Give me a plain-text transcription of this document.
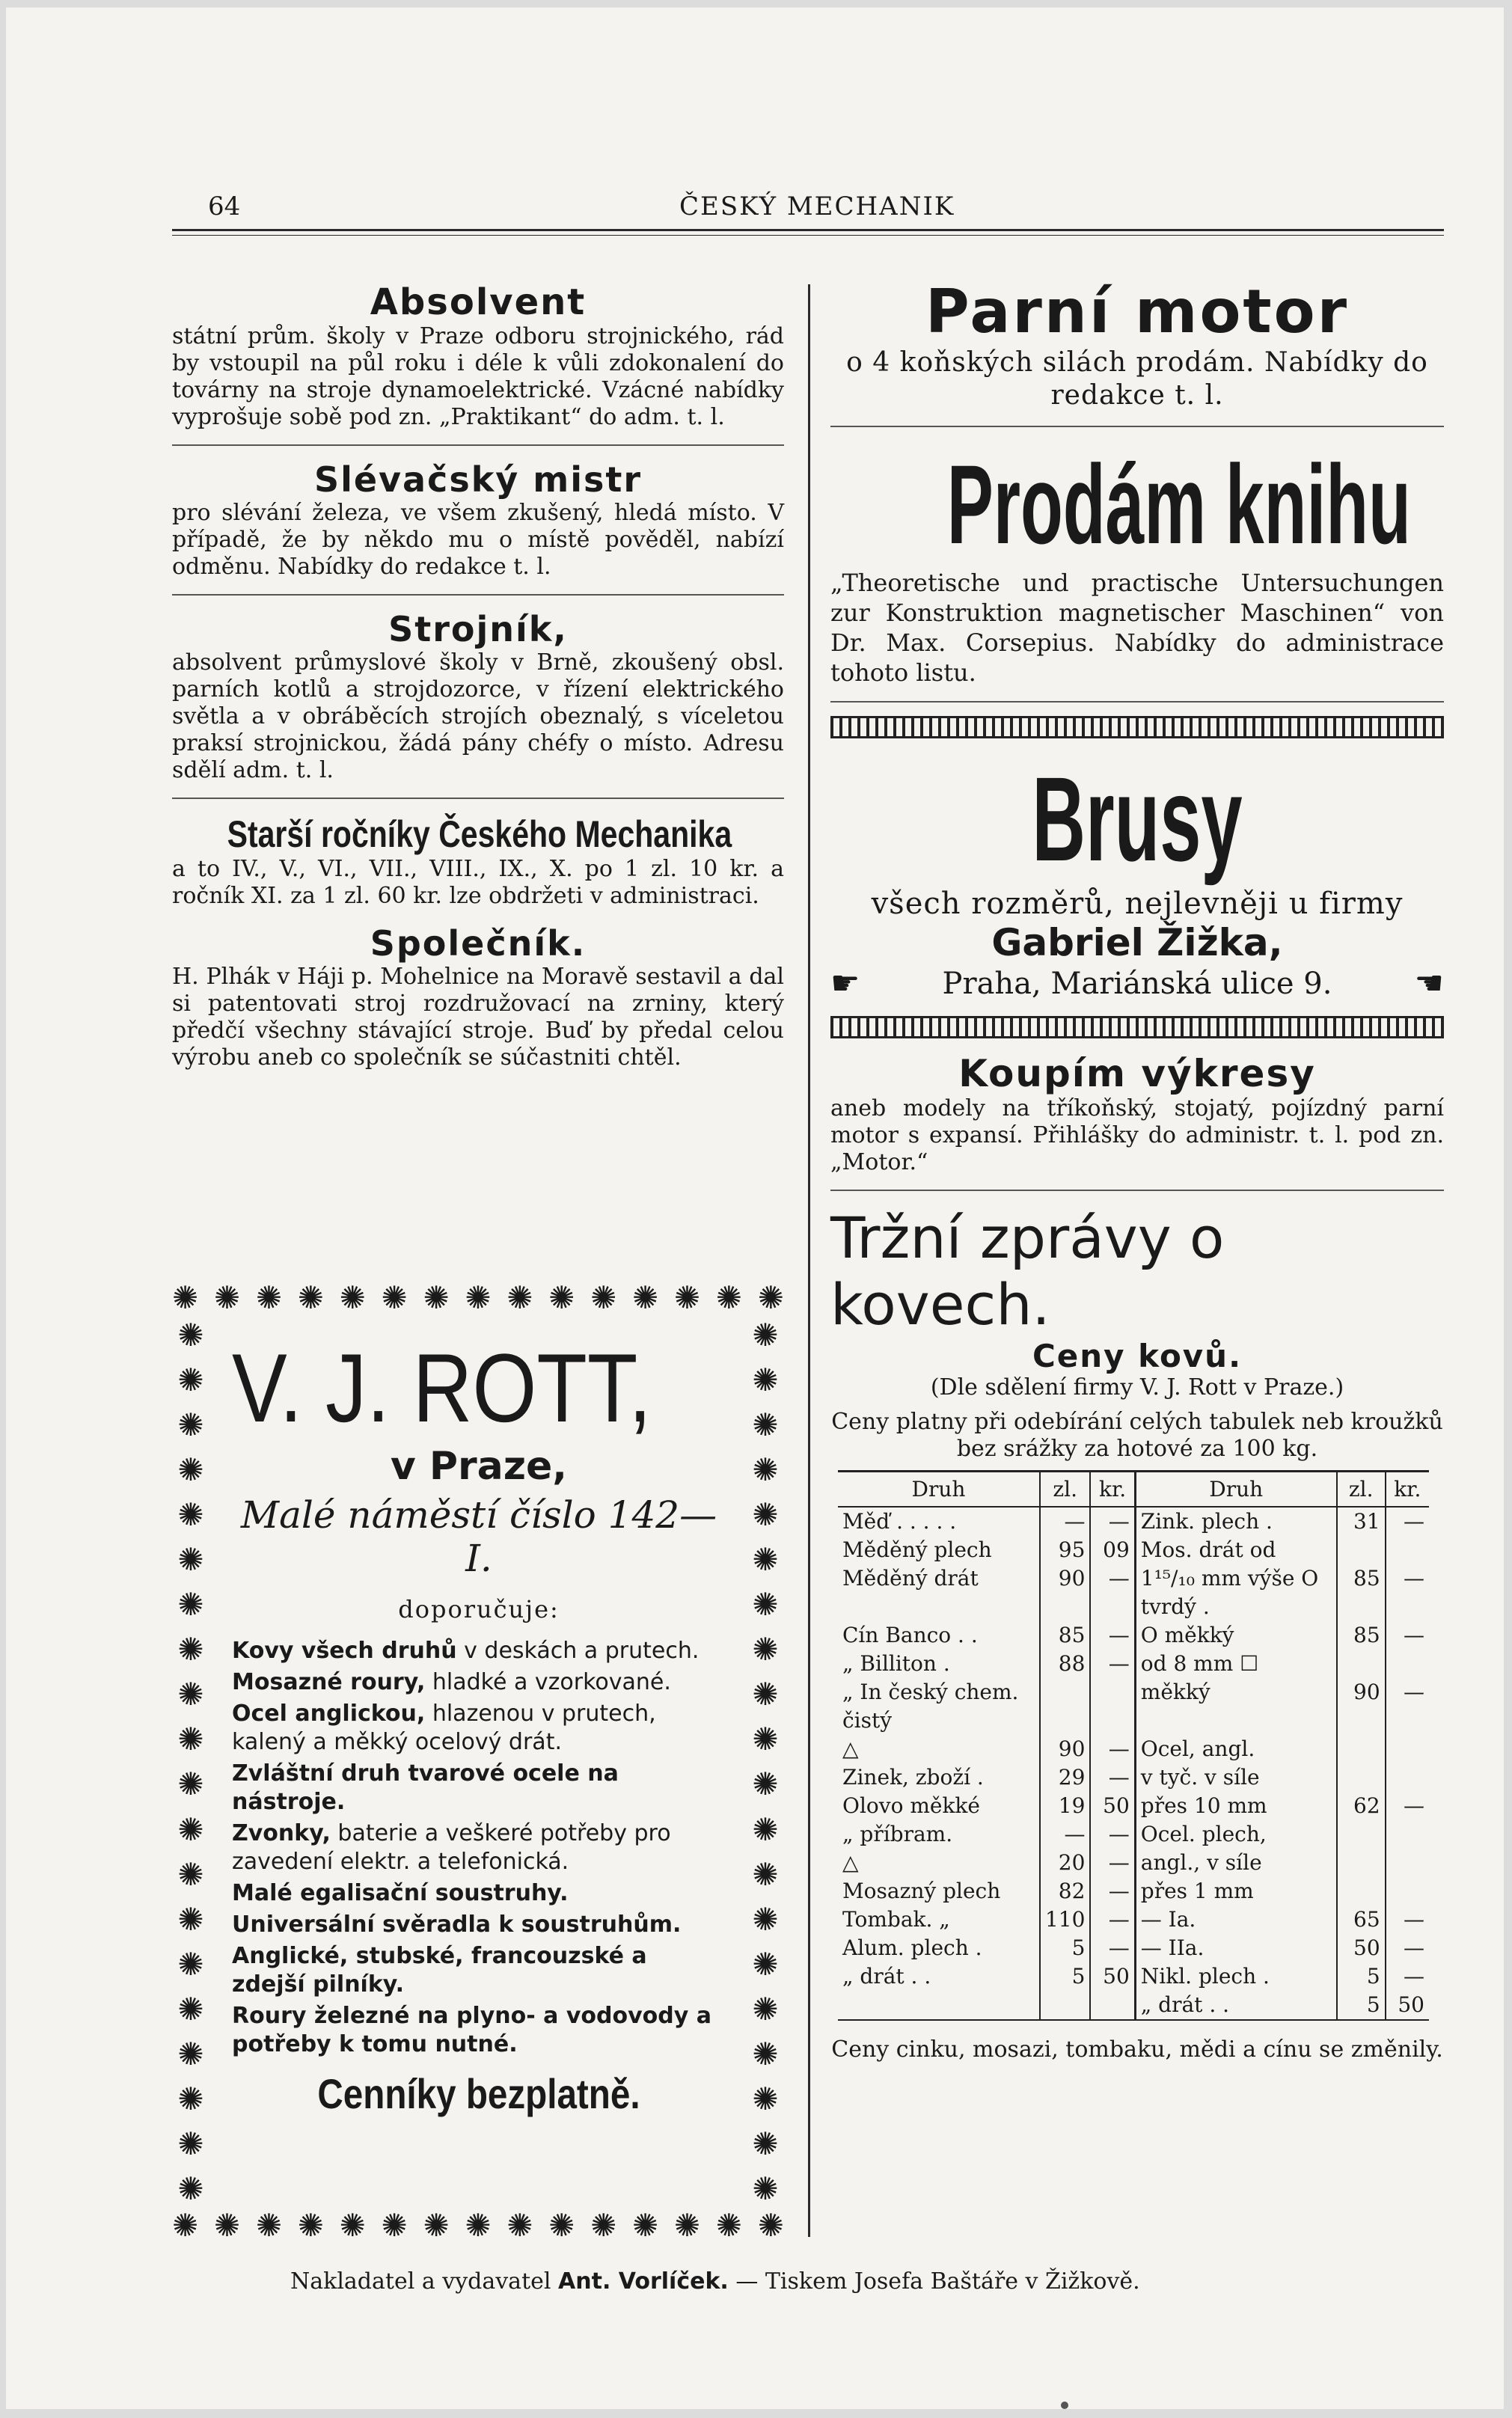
64	ČESKÝ MECHANIK
Absolvent
státní prům. školy v Praze odboru strojnického, rád by vstoupil na půl roku i déle k vůli zdokonalení do továrny na stroje dynamoelektrické. Vzácné nabídky vyprošuje sobě pod zn. „Praktikant“ do adm. t. l.
Slévačský mistr
pro slévání železa, ve všem zkušený, hledá místo. V případě, že by někdo mu o místě pověděl, nabízí odměnu. Nabídky do redakce t. l.
Strojník,
absolvent průmyslové školy v Brně, zkoušený obsl. parních kotlů a strojdozorce, v řízení elektrického světla a v obráběcích strojích obeznalý, s víceletou praksí strojnickou, žádá pány chéfy o místo. Adresu sdělí adm. t. l.
Starší ročníky Českého Mechanika
a to IV., V., VI., VII., VIII., IX., X. po 1 zl. 10 kr. a ročník XI. za 1 zl. 60 kr. lze obdržeti v administraci.
Společník.
H. Plhák v Háji p. Mohelnice na Moravě sestavil a dal si patentovati stroj rozdružovací na zrniny, který předčí všechny stávající stroje. Buď by předal celou výrobu aneb co společník se súčastniti chtěl.
✺ ✺ ✺ ✺ ✺ ✺ ✺ ✺ ✺ ✺ ✺ ✺ ✺ ✺ ✺
✺ ✺ ✺ ✺ ✺ ✺ ✺ ✺ ✺ ✺ ✺ ✺ ✺ ✺ ✺
✺
✺
✺
✺
✺
✺
✺
✺
✺
✺
✺
✺
✺
✺
✺
✺
✺
✺
✺
✺
✺
✺
✺
✺
✺
✺
✺
✺
✺
✺
✺
✺
✺
✺
✺
✺
✺
✺
✺
✺
V. J. ROTT,
v Praze,
Malé náměstí číslo 142—I.
doporučuje:
Kovy všech druhů v deskách a prutech.
Mosazné roury, hladké a vzorkované.
Ocel anglickou, hlazenou v prutech, kalený a měkký ocelový drát.
Zvláštní druh tvarové ocele na nástroje.
Zvonky, baterie a veškeré potřeby pro zavedení elektr. a telefonická.
Malé egalisační soustruhy.
Universální svěradla k soustruhům.
Anglické, stubské, francouzské a zdejší pilníky.
Roury železné na plyno- a vodovody a potřeby k tomu nutné.
Cenníky bezplatně.
Parní motor
o 4 koňských silách prodám. Nabídky do redakce t. l.
Prodám knihu
„Theoretische und practische Untersuchungen zur Konstruktion magnetischer Maschinen“ von Dr. Max. Corsepius. Nabídky do administrace tohoto listu.
Brusy
všech rozměrů, nejlevněji u firmy
Gabriel Žižka,
☛	Praha, Mariánská ulice 9.	☚
Koupím výkresy
aneb modely na tříkoňský, stojatý, pojízdný parní motor s expansí. Přihlášky do administr. t. l. pod zn. „Motor.“
Tržní zprávy o kovech.
Ceny kovů.
(Dle sdělení firmy V. J. Rott v Praze.)
Ceny platny při odebírání celých tabulek neb kroužků bez srážky za hotové za 100 kg.
Druh	zl.	kr.	Druh	zl.	kr.
Měď . . . . .	—	—	Zink. plech .	31	—
Měděný plech	95	09	Mos. drát od		
Měděný drát	90	—	1¹⁵/₁₀ mm výše O tvrdý .	85	—
Cín Banco . .	85	—	O měkký	85	—
„ Billiton .	88	—	od 8 mm ☐		
„ In český chem. čistý			měkký	90	—
△	90	—	Ocel, angl.		
Zinek, zboží .	29	—	v tyč. v síle		
Olovo měkké	19	50	přes 10 mm	62	—
„ příbram.	—	—	Ocel. plech,		
△	20	—	angl., v síle		
Mosazný plech	82	—	přes 1 mm		
Tombak. „	110	—	— Ia.	65	—
Alum. plech .	5	—	— IIa.	50	—
„ drát . .	5	50	Nikl. plech .	5	—
			„ drát . .	5	50
Ceny cinku, mosazi, tombaku, mědi a cínu se změnily.
Nakladatel a vydavatel Ant. Vorlíček. — Tiskem Josefa Baštáře v Žižkově.
